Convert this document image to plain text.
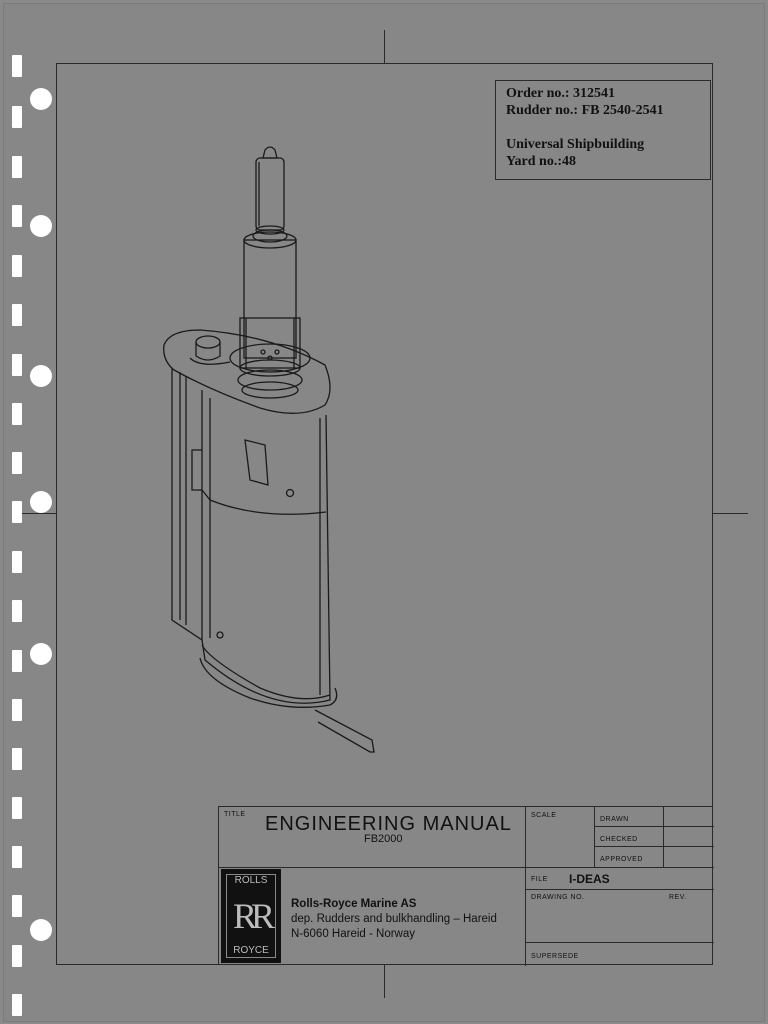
Order no.: 312541
Rudder no.: FB 2540-2541
Universal Shipbuilding
Yard no.:48
TITLE ENGINEERING MANUAL
FB2000
SCALE
DRAWN
CHECKED
APPROVED
FILE I-DEAS
DRAWING NO.	REV.
SUPERSEDE
ROLLS
RR
ROYCE
Rolls-Royce Marine AS
dep. Rudders and bulkhandling – Hareid
N-6060 Hareid - Norway
